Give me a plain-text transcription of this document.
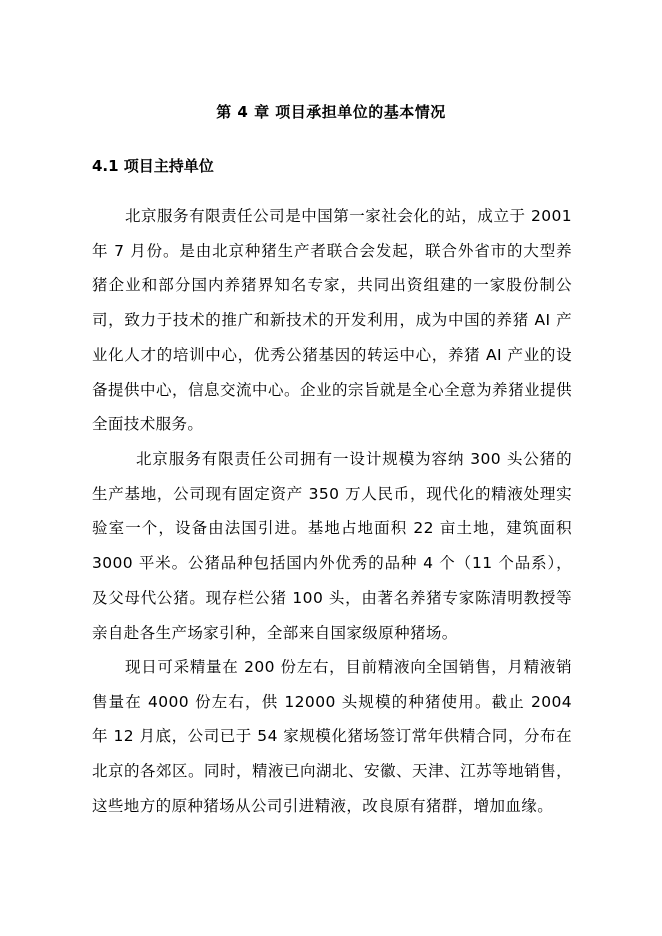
第 4 章 项目承担单位的基本情况
4.1 项目主持单位

北京服务有限责任公司是中国第一家社会化的站，成立于 2001 年 7 月份。是由北京种猪生产者联合会发起，联合外省市的大型养猪企业和部分国内养猪界知名专家，共同出资组建的一家股份制公司，致力于技术的推广和新技术的开发利用，成为中国的养猪 AI 产业化人才的培训中心，优秀公猪基因的转运中心，养猪 AI 产业的设备提供中心，信息交流中心。企业的宗旨就是全心全意为养猪业提供全面技术服务。

北京服务有限责任公司拥有一设计规模为容纳 300 头公猪的生产基地，公司现有固定资产 350 万人民币，现代化的精液处理实验室一个，设备由法国引进。基地占地面积 22 亩土地，建筑面积 3000 平米。公猪品种包括国内外优秀的品种 4 个（11 个品系），及父母代公猪。现存栏公猪 100 头，由著名养猪专家陈清明教授等亲自赴各生产场家引种，全部来自国家级原种猪场。

现日可采精量在 200 份左右，目前精液向全国销售，月精液销售量在 4000 份左右，供 12000 头规模的种猪使用。截止 2004 年 12 月底，公司已于 54 家规模化猪场签订常年供精合同，分布在北京的各郊区。同时，精液已向湖北、安徽、天津、江苏等地销售，这些地方的原种猪场从公司引进精液，改良原有猪群，增加血缘。
